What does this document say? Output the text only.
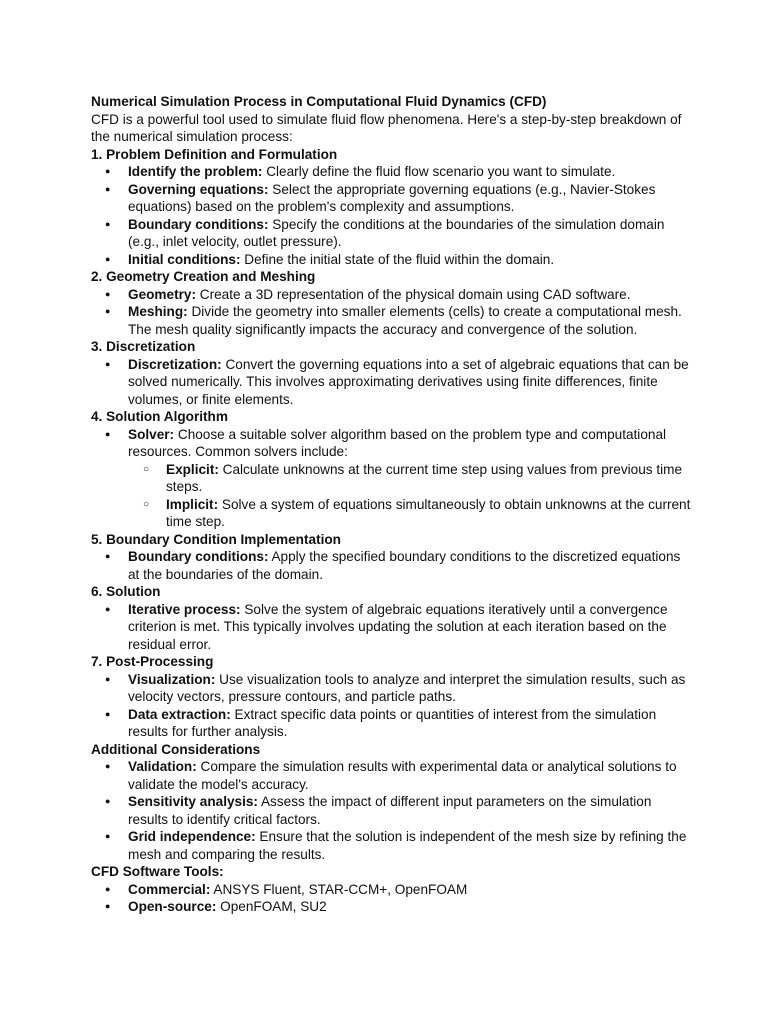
Numerical Simulation Process in Computational Fluid Dynamics (CFD)

CFD is a powerful tool used to simulate fluid flow phenomena. Here's a step-by-step breakdown of the numerical simulation process:

1. Problem Definition and Formulation

● Identify the problem: Clearly define the fluid flow scenario you want to simulate.
● Governing equations: Select the appropriate governing equations (e.g., Navier-Stokes equations) based on the problem's complexity and assumptions.
● Boundary conditions: Specify the conditions at the boundaries of the simulation domain (e.g., inlet velocity, outlet pressure).
● Initial conditions: Define the initial state of the fluid within the domain.

2. Geometry Creation and Meshing

● Geometry: Create a 3D representation of the physical domain using CAD software.
● Meshing: Divide the geometry into smaller elements (cells) to create a computational mesh. The mesh quality significantly impacts the accuracy and convergence of the solution.

3. Discretization

● Discretization: Convert the governing equations into a set of algebraic equations that can be solved numerically. This involves approximating derivatives using finite differences, finite volumes, or finite elements.

4. Solution Algorithm

● Solver: Choose a suitable solver algorithm based on the problem type and computational resources. Common solvers include:
○ Explicit: Calculate unknowns at the current time step using values from previous time steps.
○ Implicit: Solve a system of equations simultaneously to obtain unknowns at the current time step.

5. Boundary Condition Implementation

● Boundary conditions: Apply the specified boundary conditions to the discretized equations at the boundaries of the domain.

6. Solution

● Iterative process: Solve the system of algebraic equations iteratively until a convergence criterion is met. This typically involves updating the solution at each iteration based on the residual error.

7. Post-Processing

● Visualization: Use visualization tools to analyze and interpret the simulation results, such as velocity vectors, pressure contours, and particle paths.
● Data extraction: Extract specific data points or quantities of interest from the simulation results for further analysis.

Additional Considerations

● Validation: Compare the simulation results with experimental data or analytical solutions to validate the model's accuracy.
● Sensitivity analysis: Assess the impact of different input parameters on the simulation results to identify critical factors.
● Grid independence: Ensure that the solution is independent of the mesh size by refining the mesh and comparing the results.

CFD Software Tools:

● Commercial: ANSYS Fluent, STAR-CCM+, OpenFOAM
● Open-source: OpenFOAM, SU2
